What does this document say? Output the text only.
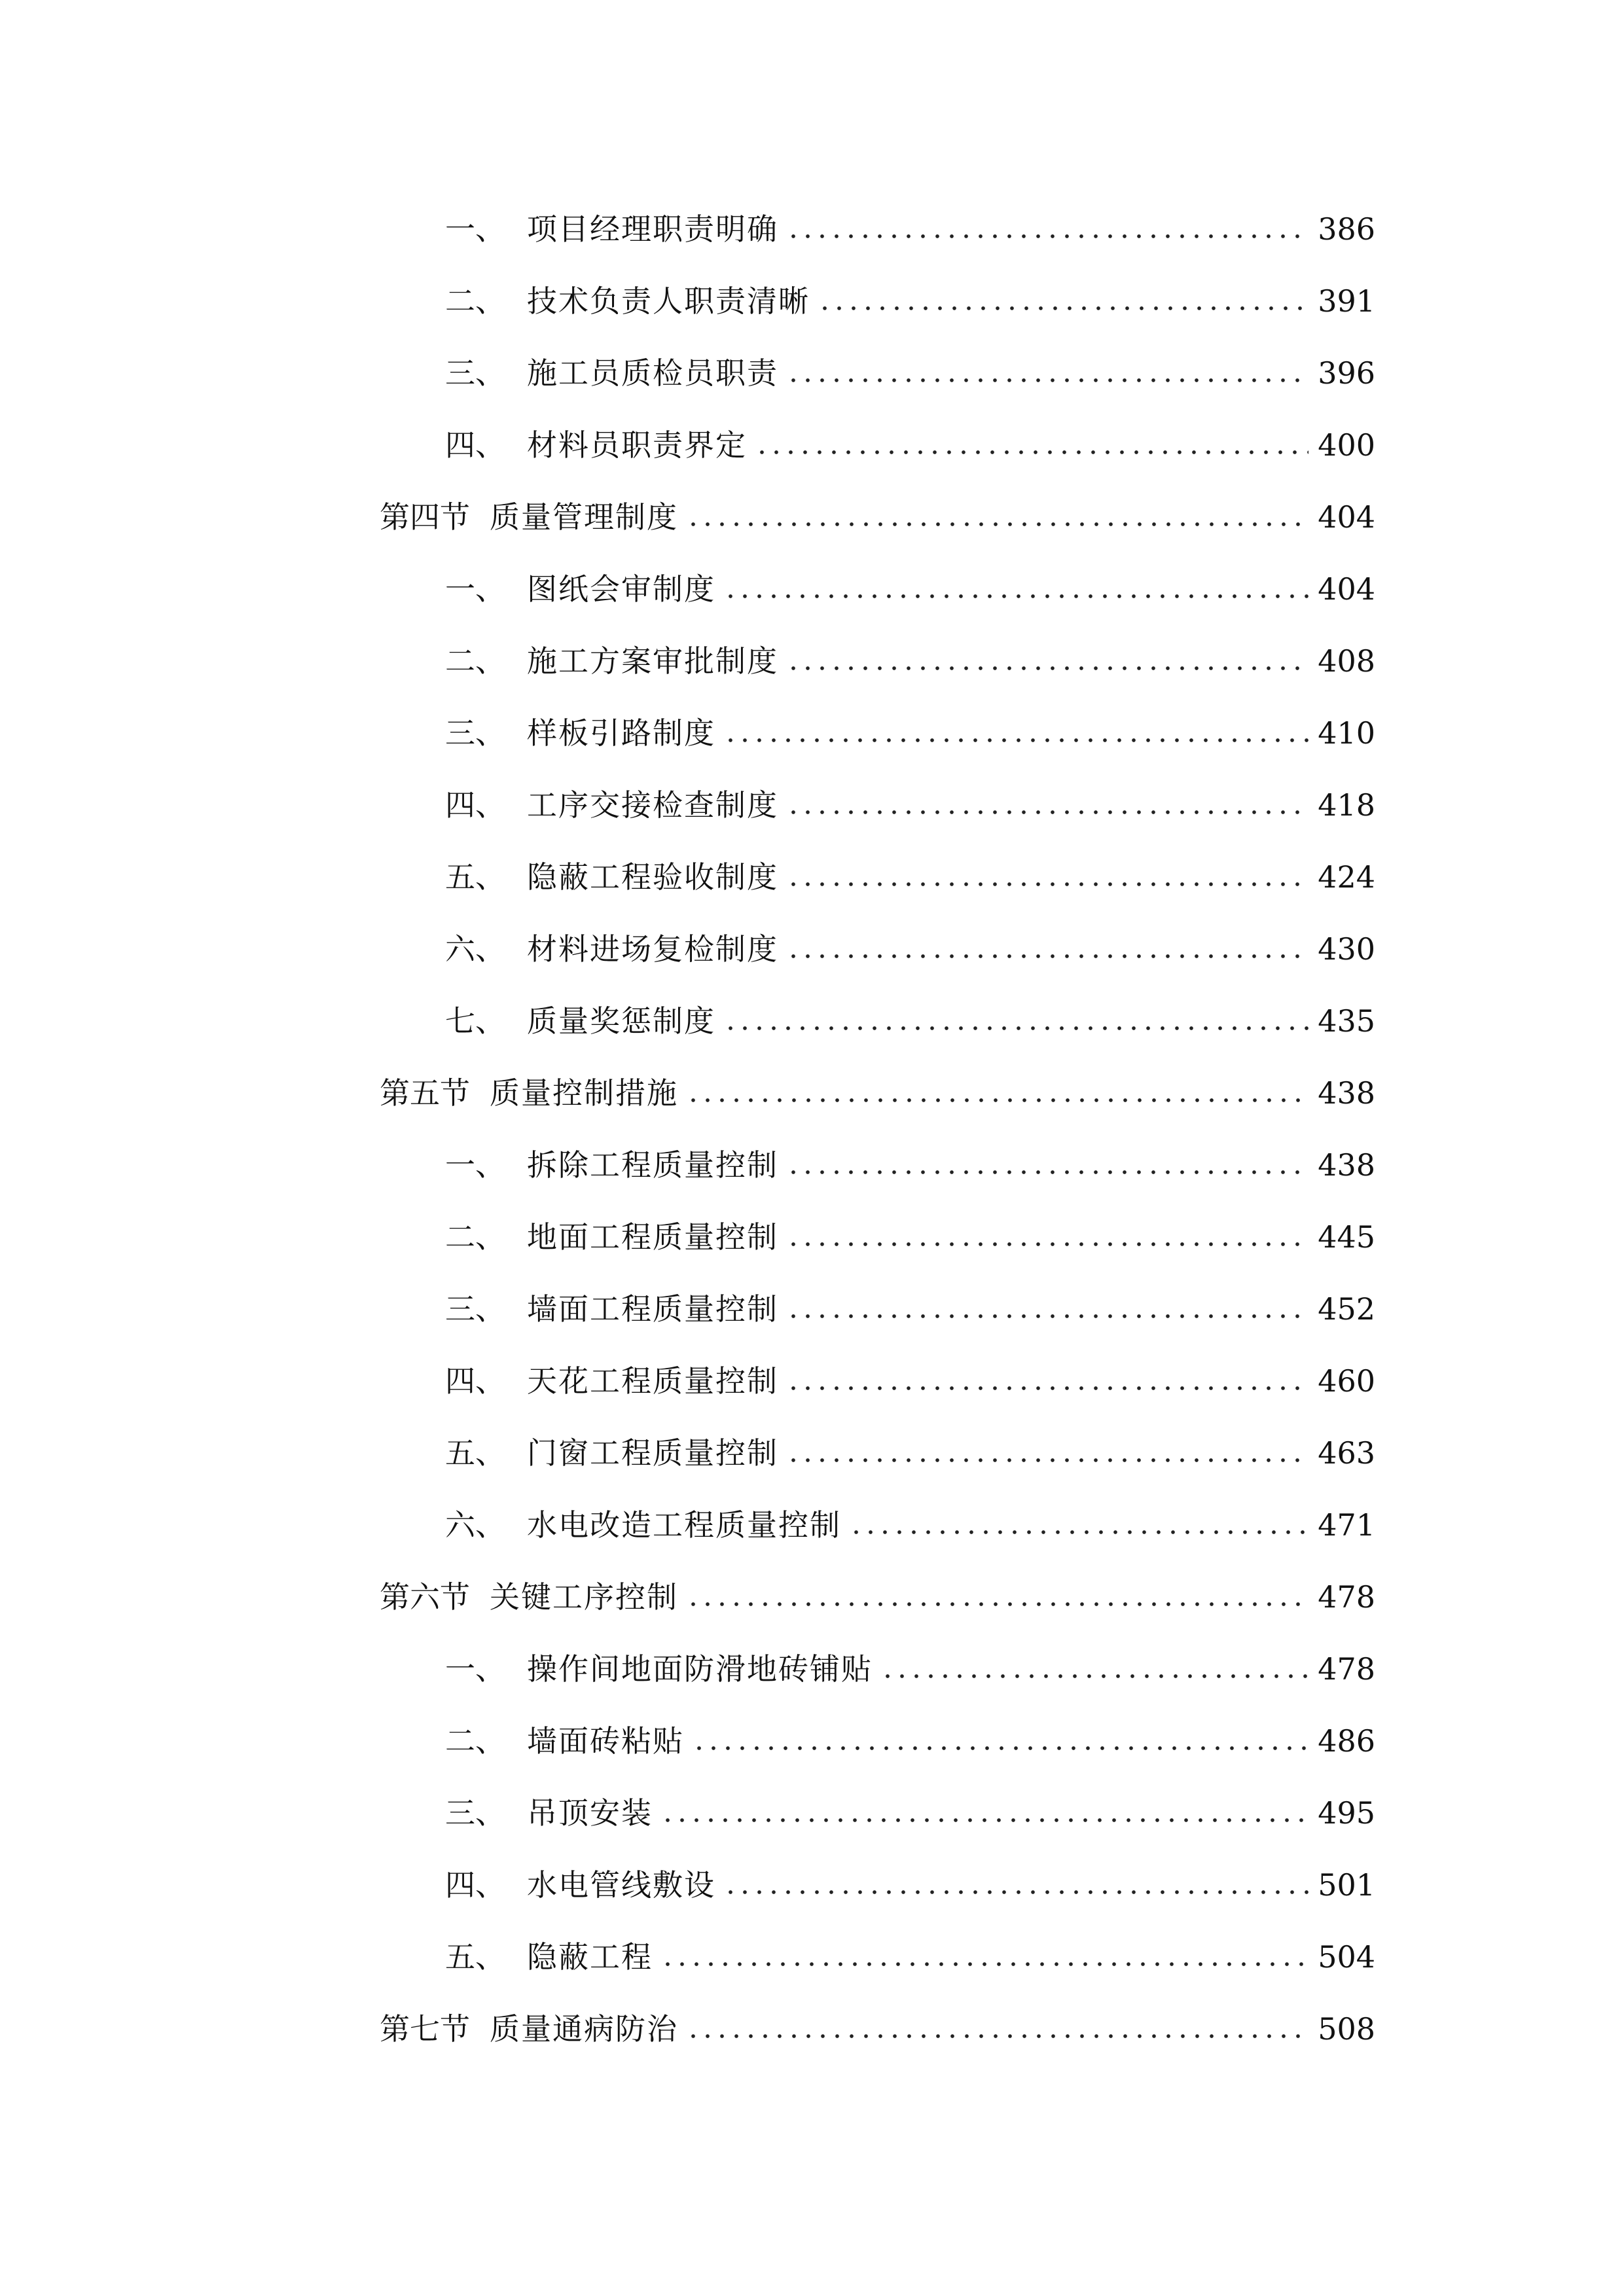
一、 项目经理职责明确	386
二、 技术负责人职责清晰	391
三、 施工员质检员职责	396
四、 材料员职责界定	400
第四节 质量管理制度	404
一、 图纸会审制度	404
二、 施工方案审批制度	408
三、 样板引路制度	410
四、 工序交接检查制度	418
五、 隐蔽工程验收制度	424
六、 材料进场复检制度	430
七、 质量奖惩制度	435
第五节 质量控制措施	438
一、 拆除工程质量控制	438
二、 地面工程质量控制	445
三、 墙面工程质量控制	452
四、 天花工程质量控制	460
五、 门窗工程质量控制	463
六、 水电改造工程质量控制	471
第六节 关键工序控制	478
一、 操作间地面防滑地砖铺贴	478
二、 墙面砖粘贴	486
三、 吊顶安装	495
四、 水电管线敷设	501
五、 隐蔽工程	504
第七节 质量通病防治	508
